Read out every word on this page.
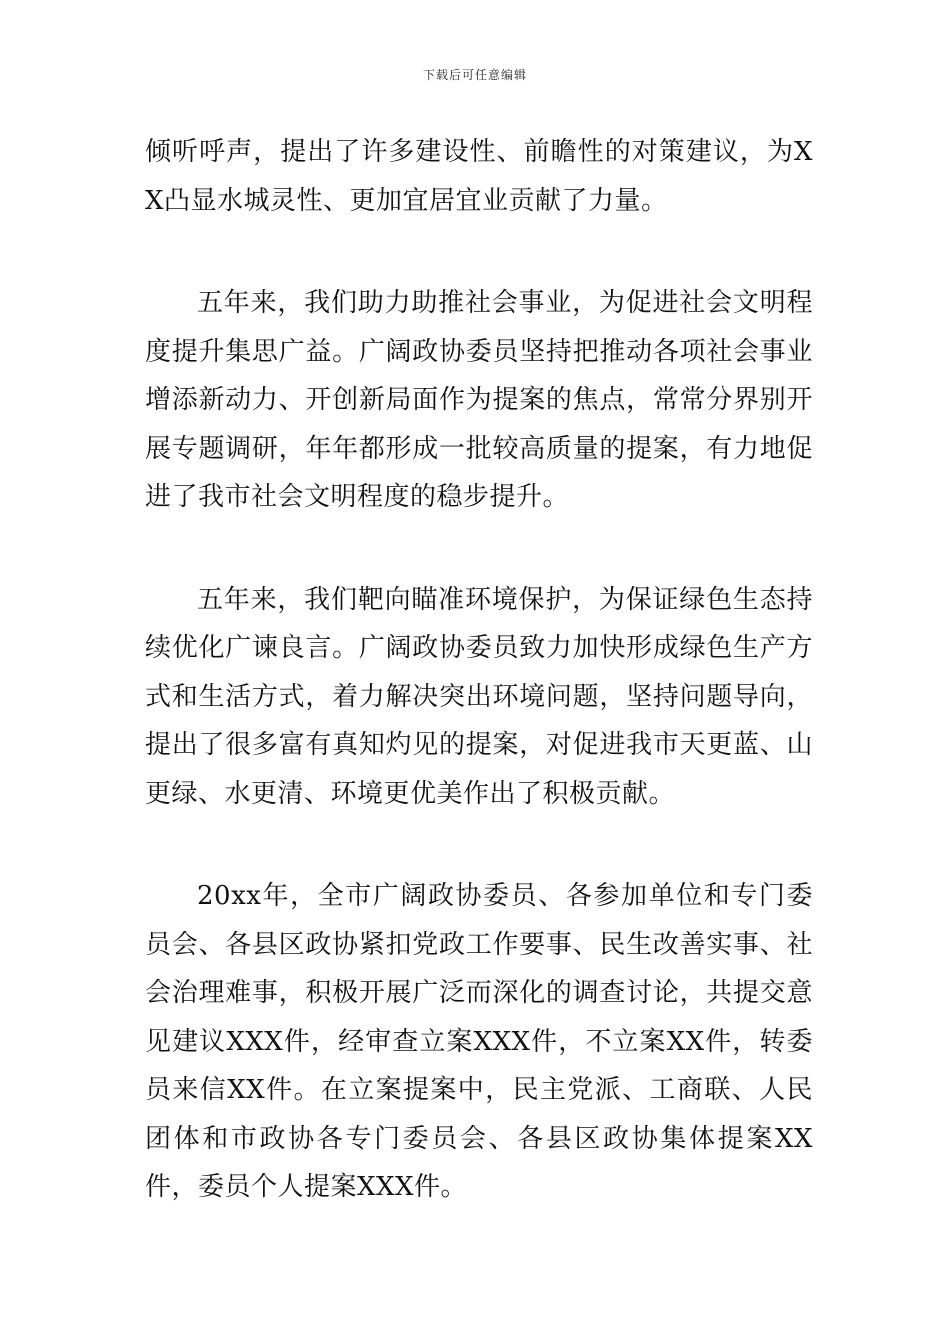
下载后可任意编辑

倾听呼声，提出了许多建设性、前瞻性的对策建议，为XX凸显水城灵性、更加宜居宜业贡献了力量。

五年来，我们助力助推社会事业，为促进社会文明程度提升集思广益。广阔政协委员坚持把推动各项社会事业增添新动力、开创新局面作为提案的焦点，常常分界别开展专题调研，年年都形成一批较高质量的提案，有力地促进了我市社会文明程度的稳步提升。

五年来，我们靶向瞄准环境保护，为保证绿色生态持续优化广谏良言。广阔政协委员致力加快形成绿色生产方式和生活方式，着力解决突出环境问题，坚持问题导向，提出了很多富有真知灼见的提案，对促进我市天更蓝、山更绿、水更清、环境更优美作出了积极贡献。

20xx年，全市广阔政协委员、各参加单位和专门委员会、各县区政协紧扣党政工作要事、民生改善实事、社会治理难事，积极开展广泛而深化的调查讨论，共提交意见建议XXX件，经审查立案XXX件，不立案XX件，转委员来信XX件。在立案提案中，民主党派、工商联、人民团体和市政协各专门委员会、各县区政协集体提案XX件，委员个人提案XXX件。
